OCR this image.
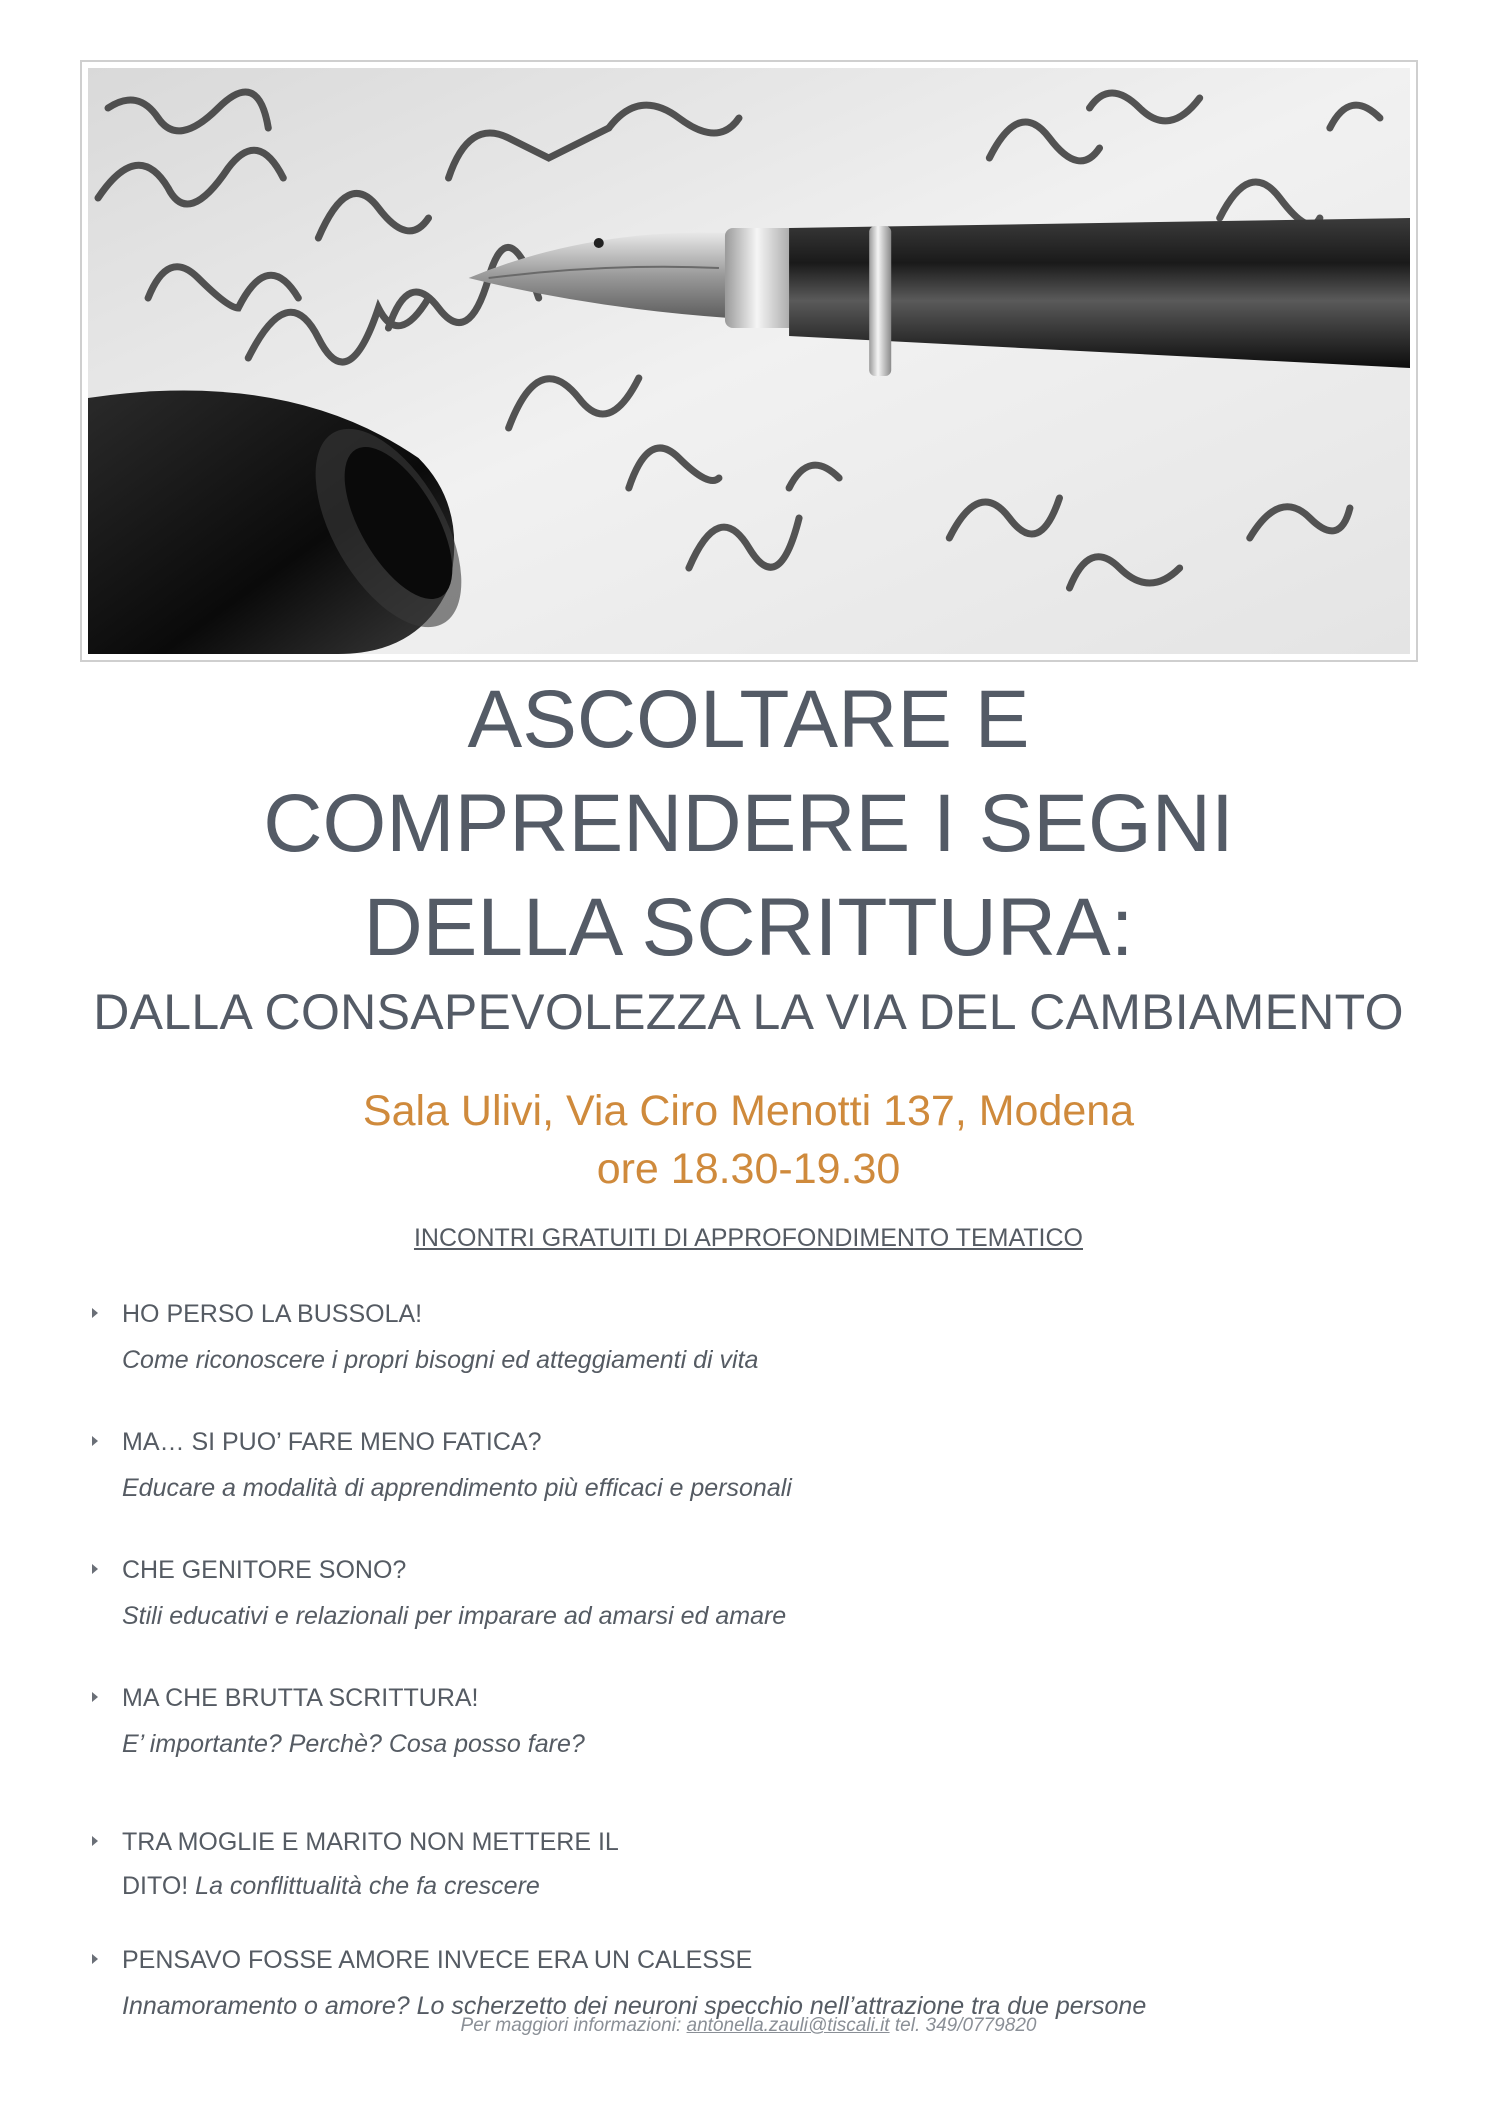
ASCOLTARE E
COMPRENDERE I SEGNI
DELLA SCRITTURA:
DALLA CONSAPEVOLEZZA LA VIA DEL CAMBIAMENTO
Sala Ulivi, Via Ciro Menotti 137, Modena
ore 18.30-19.30
INCONTRI GRATUITI DI APPROFONDIMENTO TEMATICO
HO PERSO LA BUSSOLA!
Come riconoscere i propri bisogni ed atteggiamenti di vita
MA… SI PUO’ FARE MENO FATICA?
Educare a modalità di apprendimento più efficaci e personali
CHE GENITORE SONO?
Stili educativi e relazionali per imparare ad amarsi ed amare
MA CHE BRUTTA SCRITTURA!
E’ importante? Perchè? Cosa posso fare?
TRA MOGLIE E MARITO NON METTERE IL
DITO! La conflittualità che fa crescere
PENSAVO FOSSE AMORE INVECE ERA UN CALESSE
Innamoramento o amore? Lo scherzetto dei neuroni specchio nell’attrazione tra due persone
Per maggiori informazioni: antonella.zauli@tiscali.it tel. 349/0779820
